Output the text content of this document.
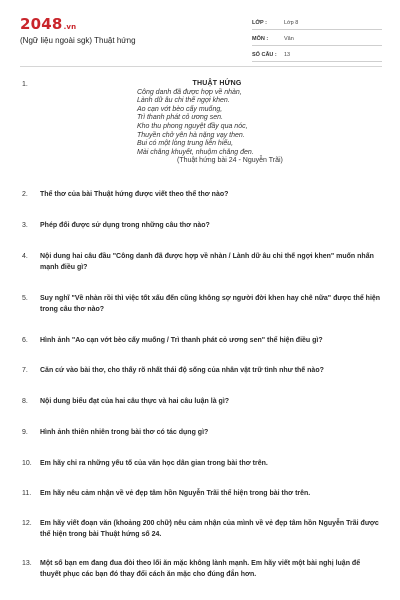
2048.vn
(Ngữ liệu ngoài sgk) Thuật hứng
LỚP :	Lớp 8
MÔN :	Văn
SỐ CÂU :	13
1.	THUẬT HỨNG
Công danh đã được hợp về nhàn,
Lành dữ âu chi thế ngợi khen.
Ao cạn vớt bèo cấy muống,
Trì thanh phát cỏ ương sen.
Kho thu phong nguyệt đầy qua nóc,
Thuyền chở yên hà nặng vạy then.
Bui có một lòng trung liễn hiếu,
Mài chăng khuyết, nhuộm chăng đen.
(Thuật hứng bài 24 - Nguyễn Trãi)
2. Thể thơ của bài Thuật hứng được viết theo thể thơ nào?
3. Phép đối được sử dụng trong những câu thơ nào?
4. Nội dung hai câu đầu "Công danh đã được hợp về nhàn / Lành dữ âu chi thế ngợi khen" muốn nhấn mạnh điều gì?
5. Suy nghĩ "Về nhàn rồi thì việc tốt xấu đến cũng không sợ người đời khen hay chê nữa" được thể hiện trong câu thơ nào?
6. Hình ảnh "Ao cạn vớt bèo cấy muống / Trì thanh phát cỏ ương sen" thể hiện điều gì?
7. Căn cứ vào bài thơ, cho thấy rõ nhất thái độ sống của nhân vật trữ tình như thế nào?
8. Nội dung biểu đạt của hai câu thực và hai câu luận là gì?
9. Hình ảnh thiên nhiên trong bài thơ có tác dụng gì?
10. Em hãy chỉ ra những yếu tố của văn học dân gian trong bài thơ trên.
11. Em hãy nêu cảm nhận về vẻ đẹp tâm hồn Nguyễn Trãi thể hiện trong bài thơ trên.
12. Em hãy viết đoạn văn (khoảng 200 chữ) nêu cảm nhận của mình về vẻ đẹp tâm hồn Nguyễn Trãi được thể hiện trong bài Thuật hứng số 24.
13. Một số bạn em đang đua đòi theo lối ăn mặc không lành mạnh. Em hãy viết một bài nghị luận để thuyết phục các bạn đó thay đổi cách ăn mặc cho đúng đắn hơn.
